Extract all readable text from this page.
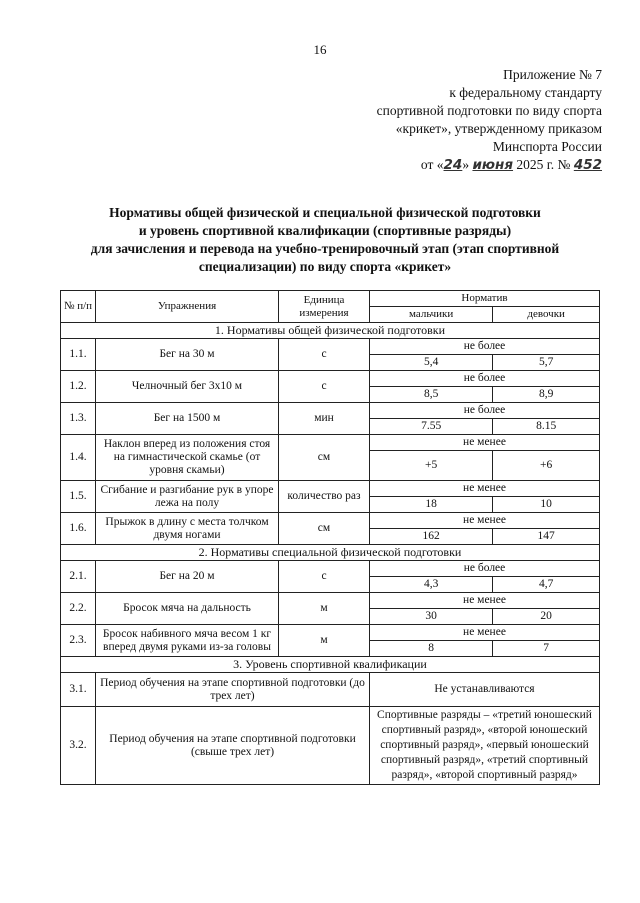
16
Приложение № 7
к федеральному стандарту
спортивной подготовки по виду спорта
«крикет», утвержденному приказом
Минспорта России
от «24» июня 2025 г. № 452
Нормативы общей физической и специальной физической подготовки
и уровень спортивной квалификации (спортивные разряды)
для зачисления и перевода на учебно-тренировочный этап (этап спортивной
специализации) по виду спорта «крикет»
№ п/п	Упражнения	Единица измерения	Норматив	
			мальчики	девочки
1. Нормативы общей физической подготовки				
1.1.	Бег на 30 м	с	не более	
			5,4	5,7
1.2.	Челночный бег 3х10 м	с	не более	
			8,5	8,9
1.3.	Бег на 1500 м	мин	не более	
			7.55	8.15
1.4.	Наклон вперед из положения стоя на гимнастической скамье (от уровня скамьи)	см	не менее	
			+5	+6
1.5.	Сгибание и разгибание рук в упоре лежа на полу	количество раз	не менее	
			18	10
1.6.	Прыжок в длину с места толчком двумя ногами	см	не менее	
			162	147
2. Нормативы специальной физической подготовки				
2.1.	Бег на 20 м	с	не более	
			4,3	4,7
2.2.	Бросок мяча на дальность	м	не менее	
			30	20
2.3.	Бросок набивного мяча весом 1 кг вперед двумя руками из-за головы	м	не менее	
			8	7
3. Уровень спортивной квалификации				
3.1.	Период обучения на этапе спортивной подготовки (до трех лет)		Не устанавливаются	
3.2.	Период обучения на этапе спортивной подготовки (свыше трех лет)		Спортивные разряды – «третий юношеский спортивный разряд», «второй юношеский спортивный разряд», «первый юношеский спортивный разряд», «третий спортивный разряд», «второй спортивный разряд»	
